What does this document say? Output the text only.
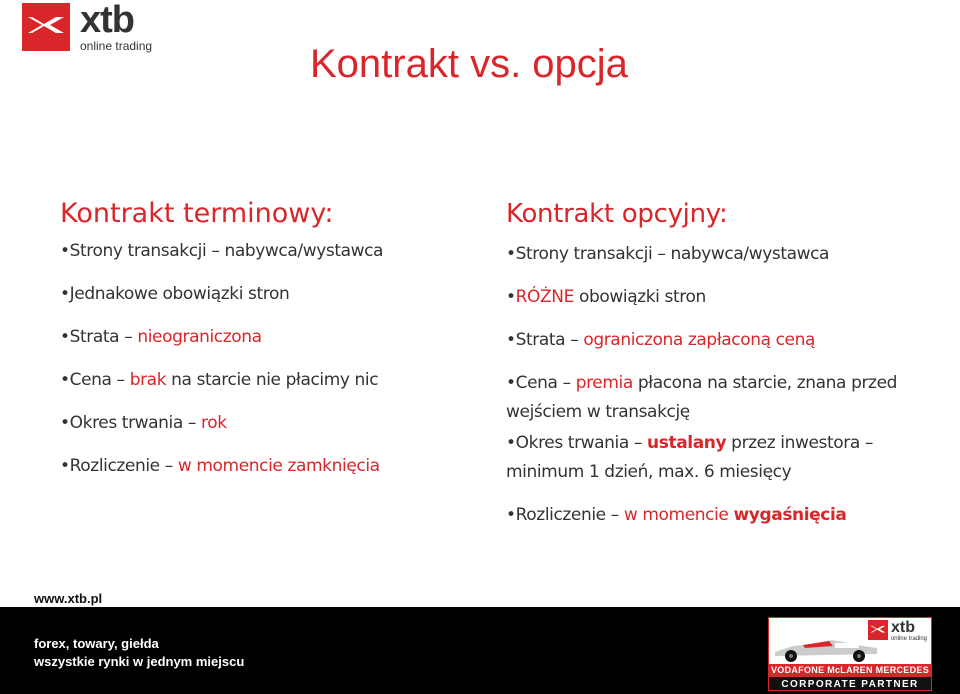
xtb
online trading	Kontrakt vs. opcja
Kontrakt terminowy:
•Strony transakcji – nabywca/wystawca
•Jednakowe obowiązki stron
•Strata – nieograniczona
•Cena – brak na starcie nie płacimy nic
•Okres trwania – rok
•Rozliczenie – w momencie zamknięcia
Kontrakt opcyjny:
•Strony transakcji – nabywca/wystawca
•RÓŻNE obowiązki stron
•Strata – ograniczona zapłaconą ceną
•Cena – premia płacona na starcie, znana przed wejściem w transakcję
•Okres trwania – ustalany przez inwestora – minimum 1 dzień, max. 6 miesięcy
•Rozliczenie – w momencie wygaśnięcia
www.xtb.pl
forex, towary, giełda
wszystkie rynki w jednym miejscu
xtb
online trading
VODAFONE McLAREN MERCEDES
CORPORATE PARTNER
